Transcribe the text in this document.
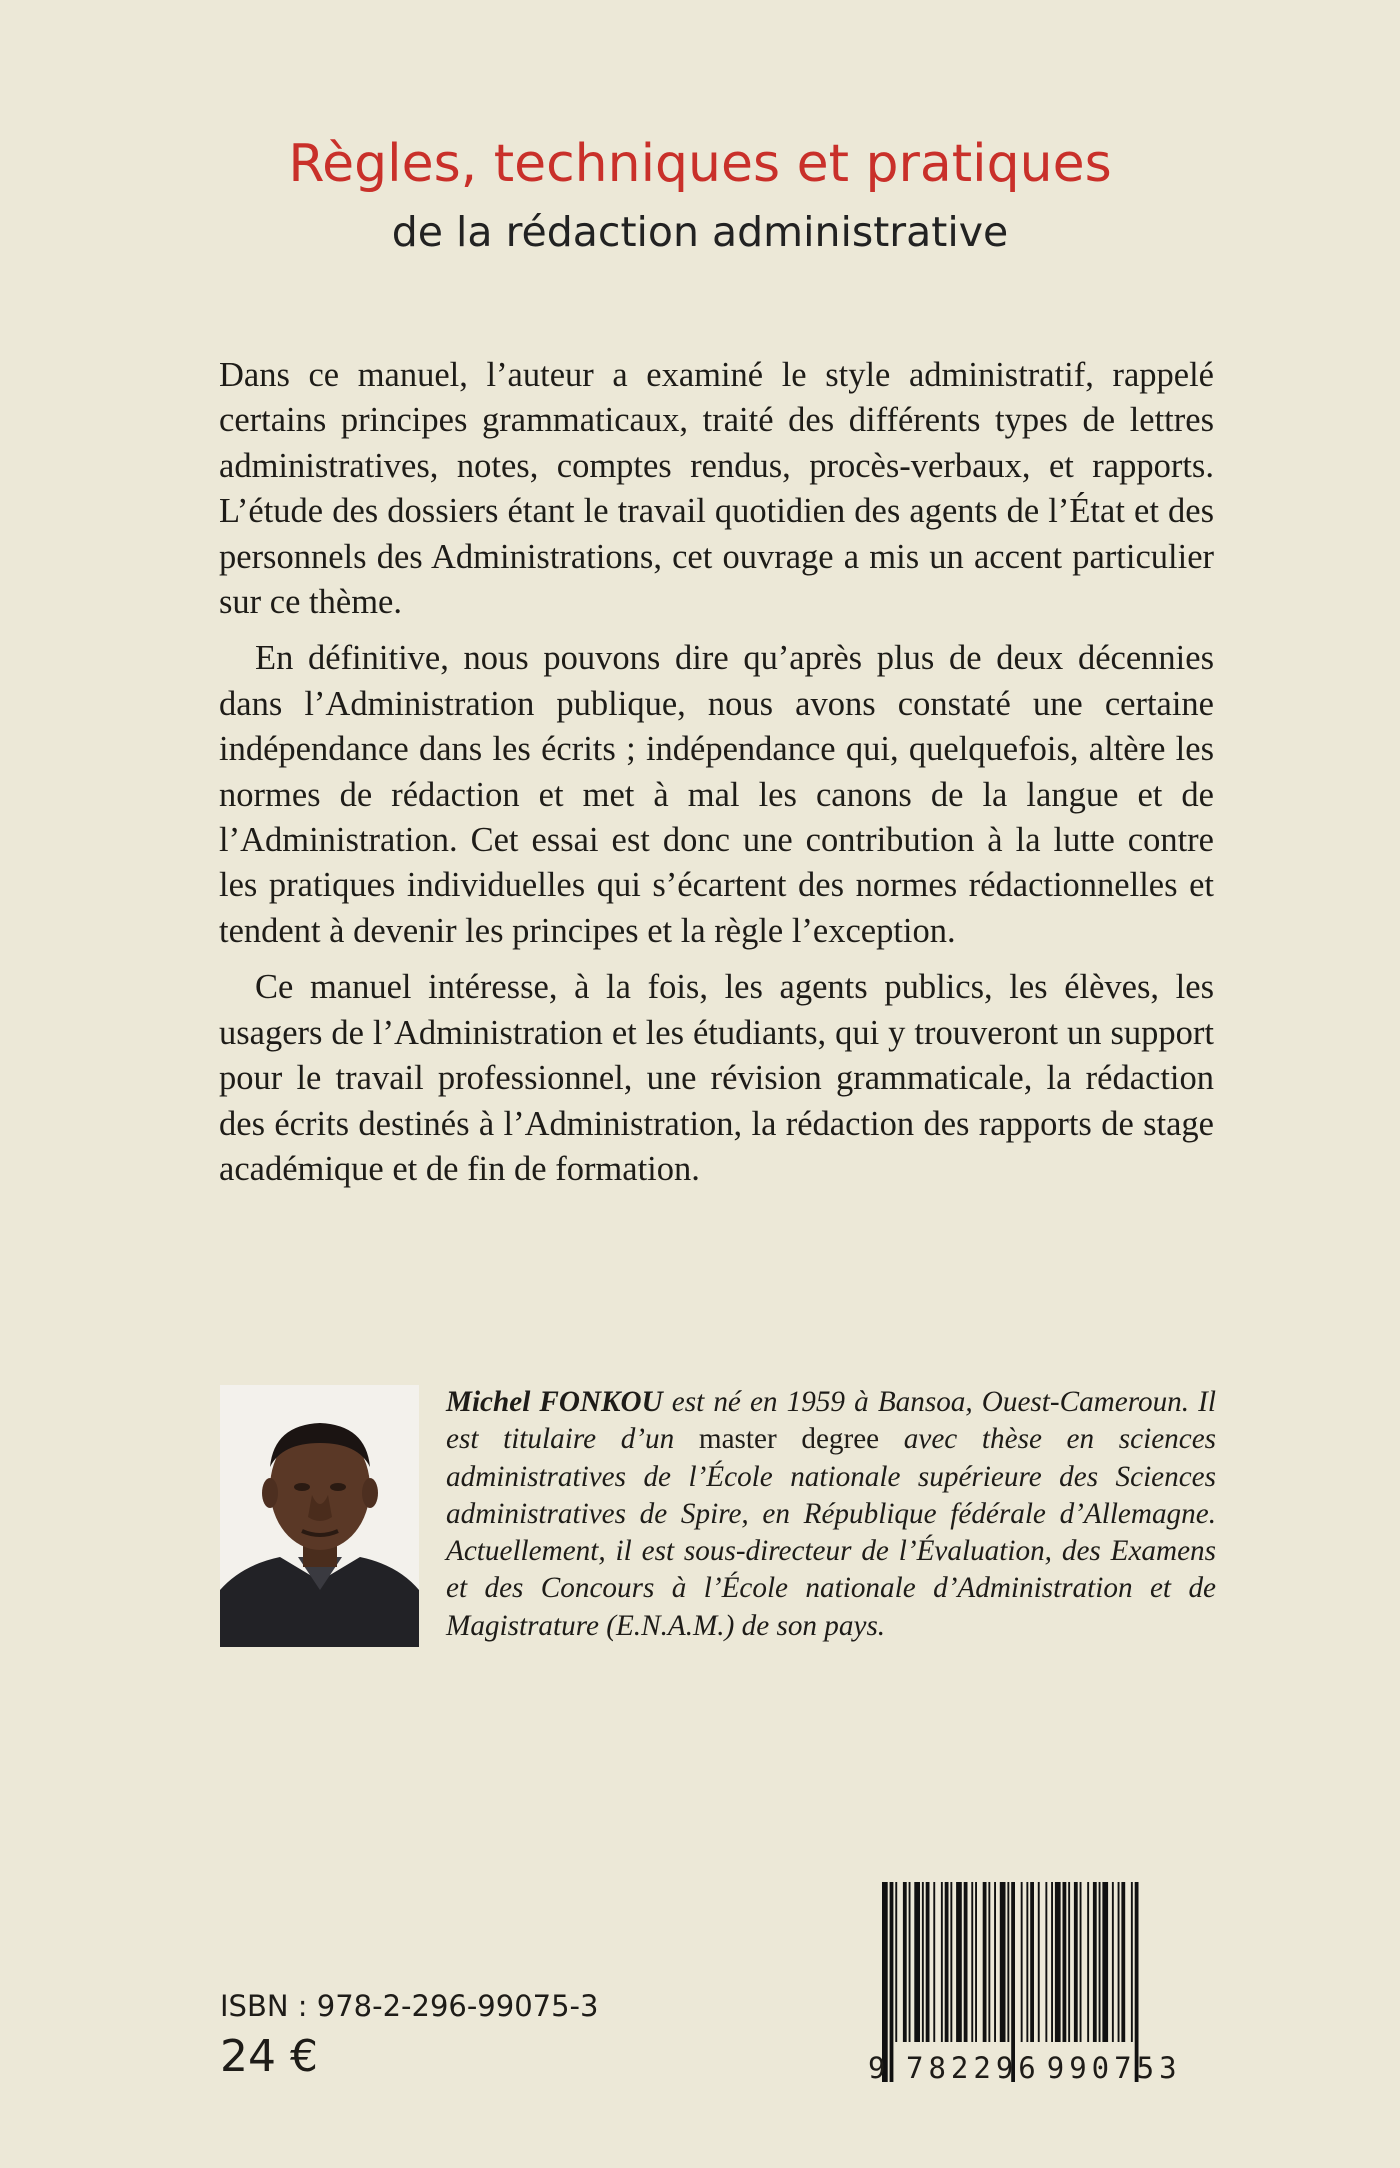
Règles, techniques et pratiques
de la rédaction administrative

Dans ce manuel, l’auteur a examiné le style administratif, rappelé certains principes grammaticaux, traité des différents types de lettres administratives, notes, comptes rendus, procès-verbaux, et rapports. L’étude des dossiers étant le travail quotidien des agents de l’État et des personnels des Administrations, cet ouvrage a mis un accent particulier sur ce thème.

En définitive, nous pouvons dire qu’après plus de deux décennies dans l’Administration publique, nous avons constaté une certaine indépendance dans les écrits ; indépendance qui, quelquefois, altère les normes de rédaction et met à mal les canons de la langue et de l’Administration. Cet essai est donc une contribution à la lutte contre les pratiques individuelles qui s’écartent des normes rédactionnelles et tendent à devenir les principes et la règle l’exception.

Ce manuel intéresse, à la fois, les agents publics, les élèves, les usagers de l’Administration et les étudiants, qui y trouveront un support pour le travail professionnel, une révision grammaticale, la rédaction des écrits destinés à l’Administration, la rédaction des rapports de stage académique et de fin de formation.

Michel FONKOU est né en 1959 à Bansoa, Ouest-Cameroun. Il est titulaire d’un master degree avec thèse en sciences administratives de l’École nationale supérieure des Sciences administratives de Spire, en République fédérale d’Allemagne. Actuellement, il est sous-directeur de l’Évaluation, des Examens et des Concours à l’École nationale d’Administration et de Magistrature (E.N.A.M.) de son pays.

ISBN : 978-2-296-99075-3
24 €	9 782296 990753
